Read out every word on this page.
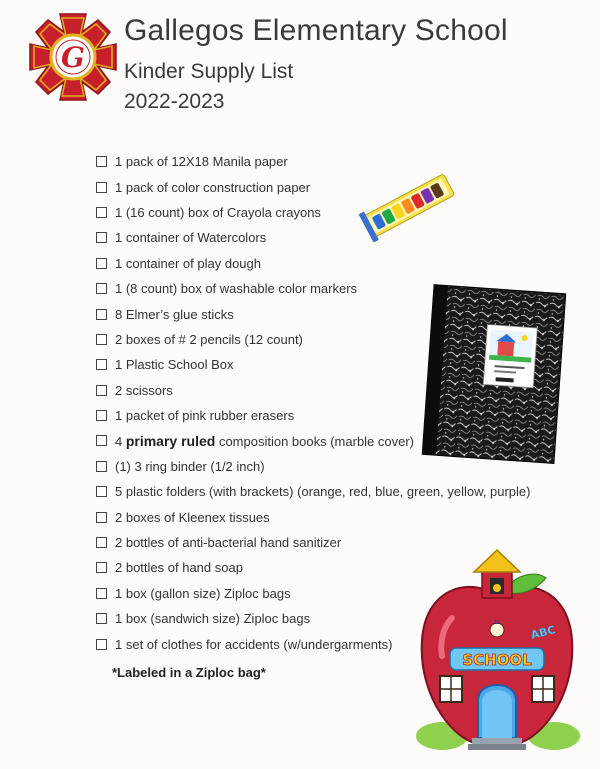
G
Gallegos Elementary School
Kinder Supply List
2022-2023
1 pack of 12X18 Manila paper
1 pack of color construction paper
1 (16 count) box of Crayola crayons
1 container of Watercolors
1 container of play dough
1 (8 count) box of washable color markers
8 Elmer’s glue sticks
2 boxes of # 2 pencils (12 count)
1 Plastic School Box
2 scissors
1 packet of pink rubber erasers
4 primary ruled composition books (marble cover)
(1) 3 ring binder (1/2 inch)
5 plastic folders (with brackets) (orange, red, blue, green, yellow, purple)
2 boxes of Kleenex tissues
2 bottles of anti-bacterial hand sanitizer
2 bottles of hand soap
1 box (gallon size) Ziploc bags
1 box (sandwich size) Ziploc bags
1 set of clothes for accidents (w/undergarments)
*Labeled in a Ziploc bag*
12
SCHOOL
ABC
